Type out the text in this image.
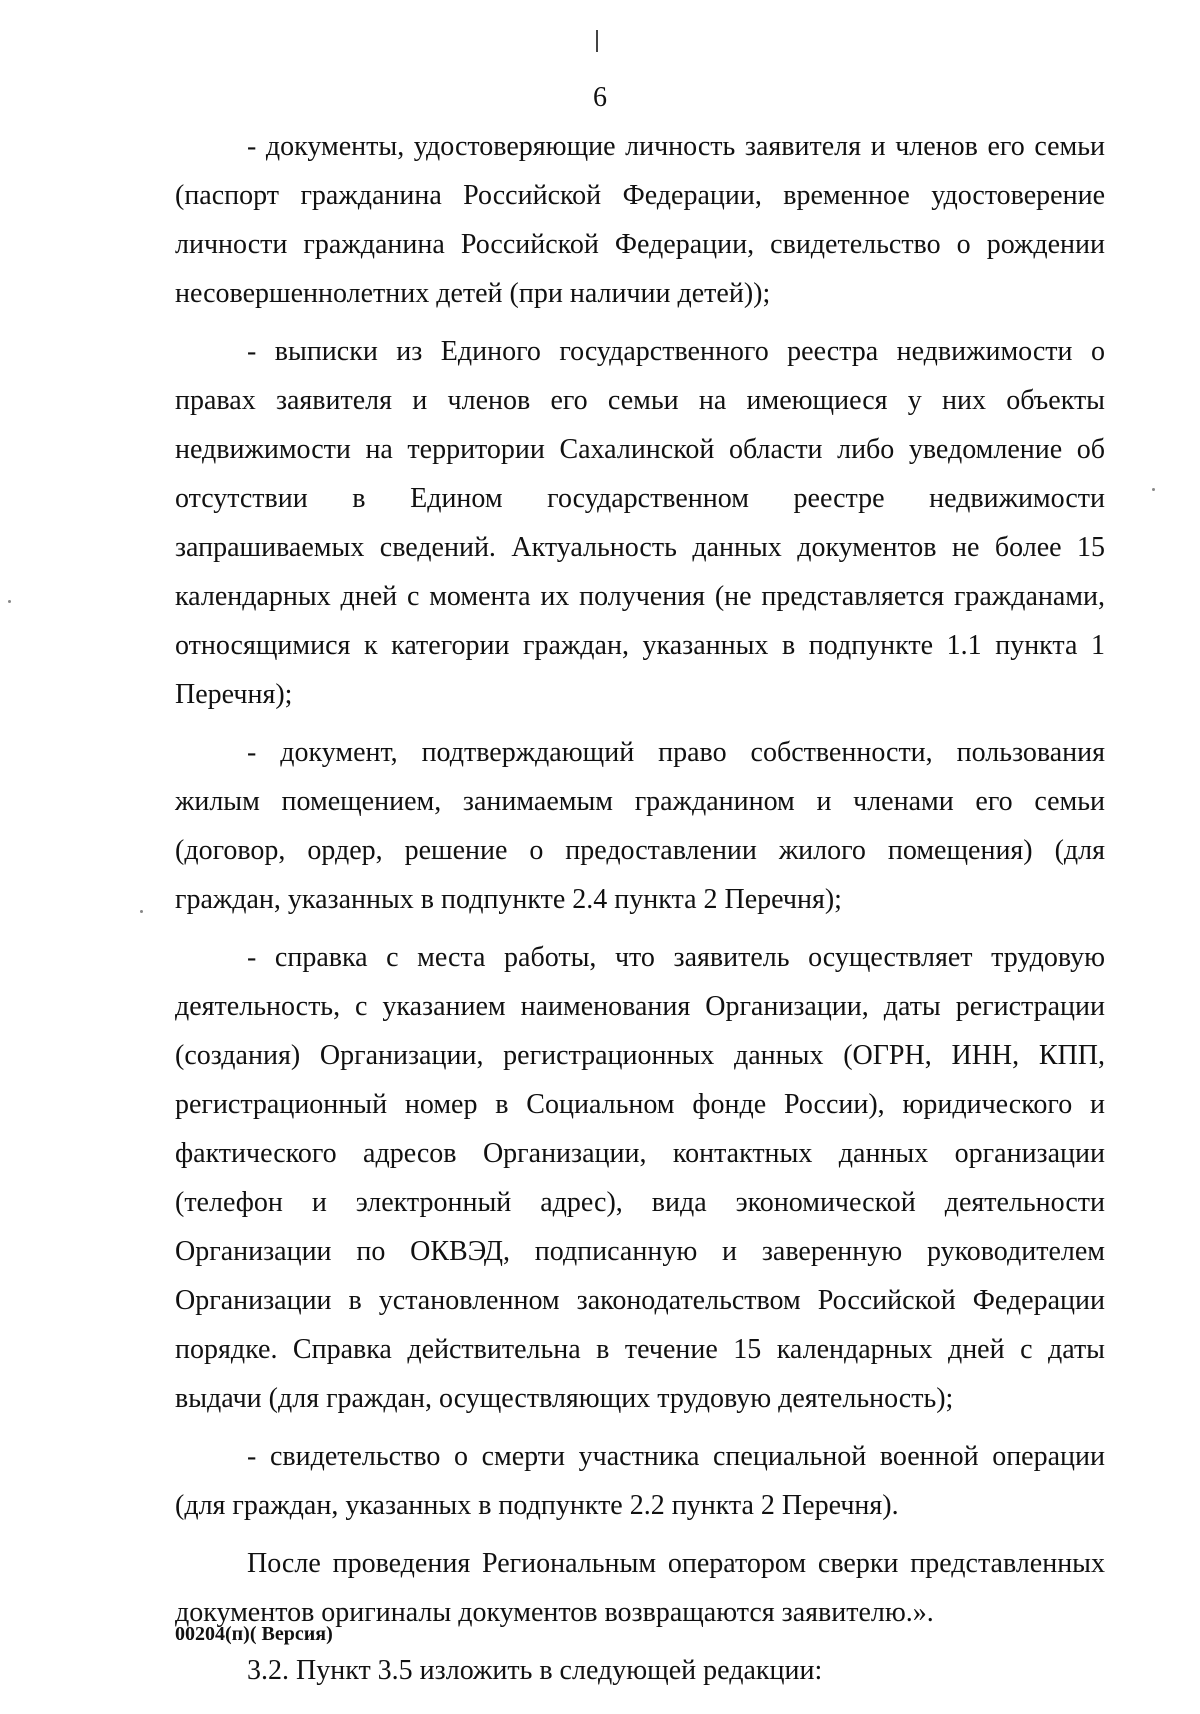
6

- документы, удостоверяющие личность заявителя и членов его семьи (паспорт гражданина Российской Федерации, временное удостоверение личности гражданина Российской Федерации, свидетельство о рождении несовершеннолетних детей (при наличии детей));

- выписки из Единого государственного реестра недвижимости о правах заявителя и членов его семьи на имеющиеся у них объекты недвижимости на территории Сахалинской области либо уведомление об отсутствии в Едином государственном реестре недвижимости запрашиваемых сведений. Актуальность данных документов не более 15 календарных дней с момента их получения (не представляется гражданами, относящимися к категории граждан, указанных в подпункте 1.1 пункта 1 Перечня);

- документ, подтверждающий право собственности, пользования жилым помещением, занимаемым гражданином и членами его семьи (договор, ордер, решение о предоставлении жилого помещения) (для граждан, указанных в подпункте 2.4 пункта 2 Перечня);

- справка с места работы, что заявитель осуществляет трудовую деятельность, с указанием наименования Организации, даты регистрации (создания) Организации, регистрационных данных (ОГРН, ИНН, КПП, регистрационный номер в Социальном фонде России), юридического и фактического адресов Организации, контактных данных организации (телефон и электронный адрес), вида экономической деятельности Организации по ОКВЭД, подписанную и заверенную руководителем Организации в установленном законодательством Российской Федерации порядке. Справка действительна в течение 15 календарных дней с даты выдачи (для граждан, осуществляющих трудовую деятельность);

- свидетельство о смерти участника специальной военной операции (для граждан, указанных в подпункте 2.2 пункта 2 Перечня).

После проведения Региональным оператором сверки представленных документов оригиналы документов возвращаются заявителю.».

3.2. Пункт 3.5 изложить в следующей редакции:

00204(п)( Версия)
